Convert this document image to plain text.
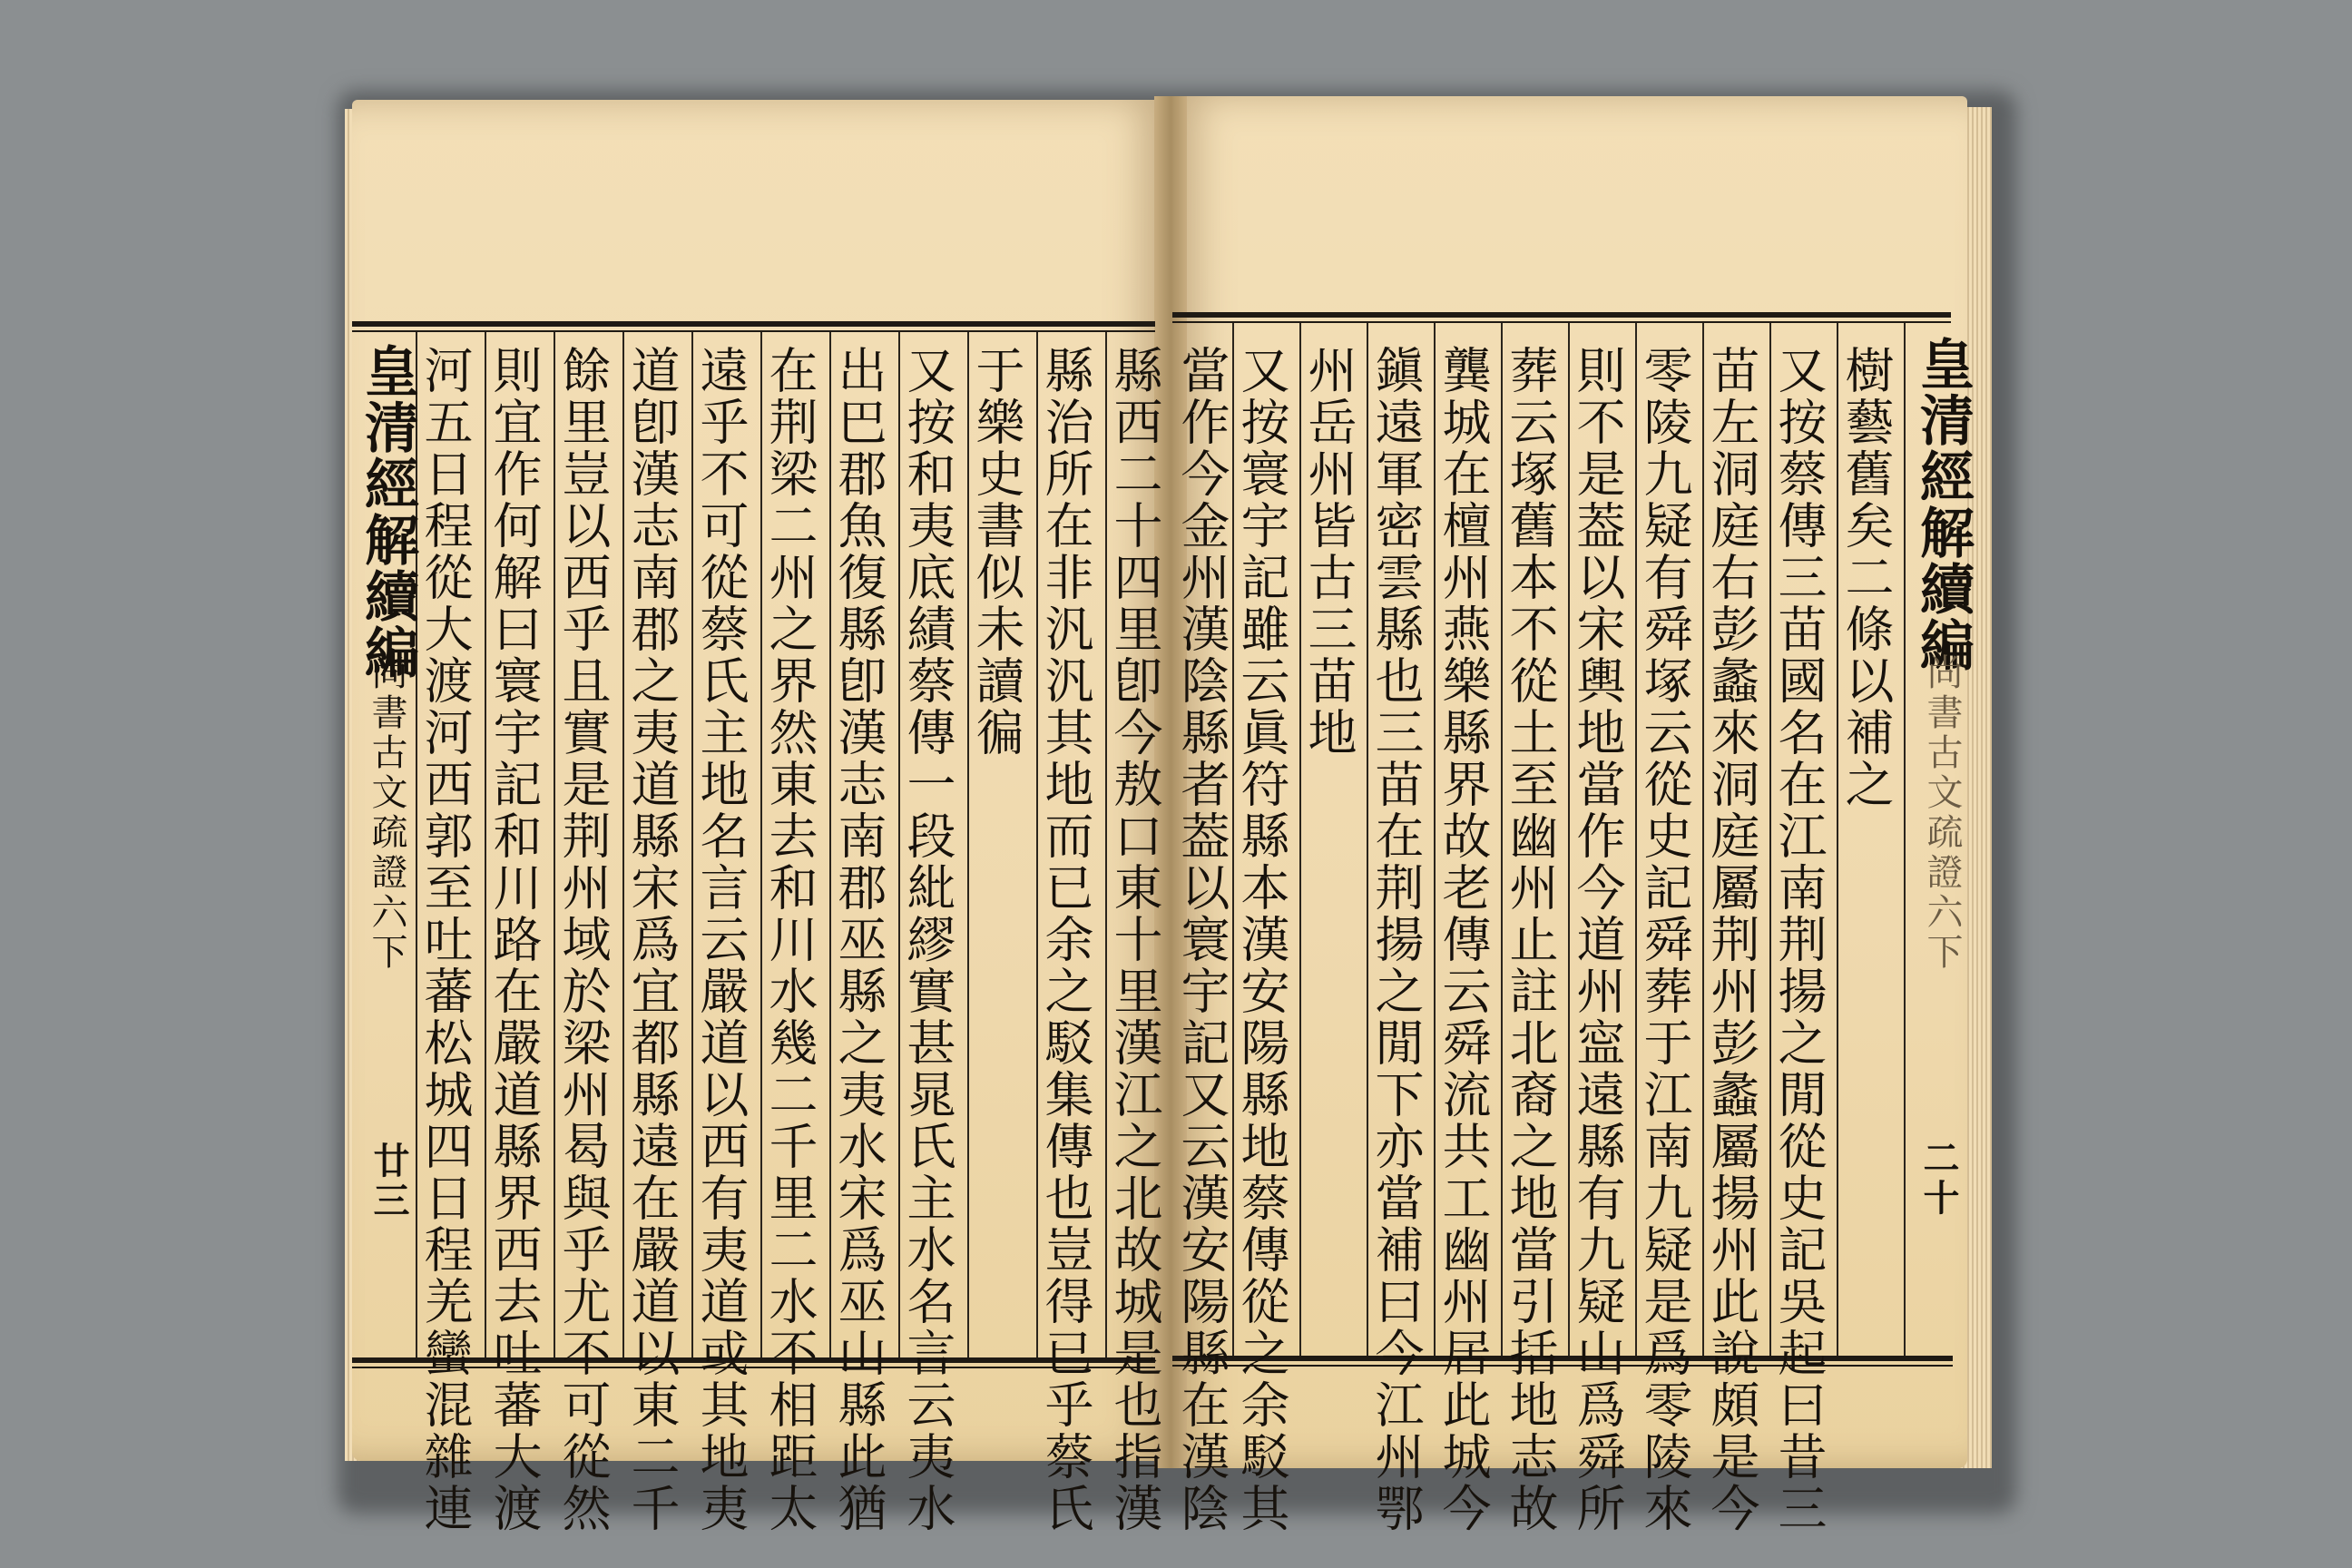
皇清經解續編
尚書古文疏證六下
廿三	縣西二十四里卽今敖口東十里漢江之北故城是也指漢
縣治所在非汎汎其地而已余之駁集傳也豈得已乎蔡氏
于樂史書似未讀徧
又按和夷底績蔡傳一段紕繆實甚晁氏主水名言云夷水
出巴郡魚復縣卽漢志南郡巫縣之夷水宋爲巫山縣此猶
在荆梁二州之界然東去和川水幾二千里二水不相距太
遠乎不可從蔡氏主地名言云嚴道以西有夷道或其地夷
道卽漢志南郡之夷道縣宋爲宜都縣遠在嚴道以東二千
餘里豈以西乎且實是荆州域於梁州曷與乎尤不可從然
則宜作何解曰寰宇記和川路在嚴道縣界西去吐蕃大渡
河五日程從大渡河西郭至吐蕃松城四日程羌蠻混雜連	皇清經解續編
尚書古文疏證六下
二十
樹藝舊矣二條以補之
又按蔡傳三苗國名在江南荆揚之閒從史記吳起曰昔三
苗左洞庭右彭蠡來洞庭屬荆州彭蠡屬揚州此說頗是今
零陵九疑有舜塚云從史記舜葬于江南九疑是爲零陵來
則不是葢以宋輿地當作今道州寍遠縣有九疑山爲舜所
葬云塚舊本不從土至幽州止註北裔之地當引括地志故
龔城在檀州燕樂縣界故老傳云舜流共工幽州居此城今
鎭遠軍密雲縣也三苗在荆揚之閒下亦當補曰今江州鄂
州岳州皆古三苗地
又按寰宇記雖云眞符縣本漢安陽縣地蔡傳從之余駁其
當作今金州漢陰縣者葢以寰宇記又云漢安陽縣在漢陰
